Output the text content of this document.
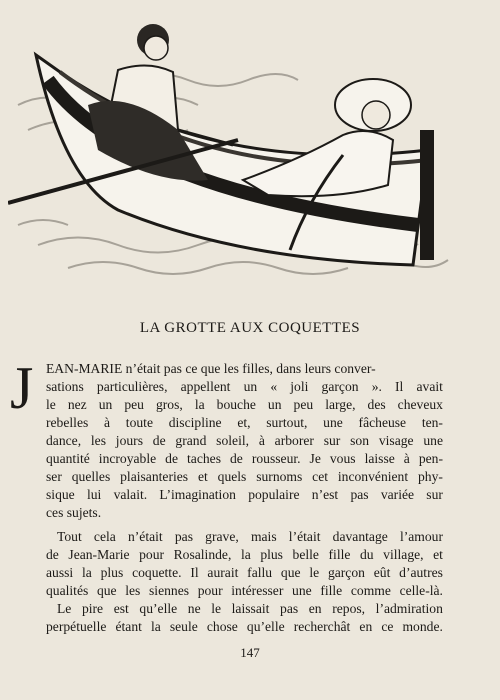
LA GROTTE AUX COQUETTES
J EAN-MARIE n’était pas ce que les filles, dans leurs conver-
sations particulières, appellent un « joli garçon ». Il avait
le nez un peu gros, la bouche un peu large, des cheveux
rebelles à toute discipline et, surtout, une fâcheuse ten-
dance, les jours de grand soleil, à arborer sur son visage une
quantité incroyable de taches de rousseur. Je vous laisse à pen-
ser quelles plaisanteries et quels surnoms cet inconvénient phy-
sique lui valait. L’imagination populaire n’est pas variée sur
ces sujets.
Tout cela n’était pas grave, mais l’était davantage l’amour
de Jean-Marie pour Rosalinde, la plus belle fille du village, et
aussi la plus coquette. Il aurait fallu que le garçon eût d’autres
qualités que les siennes pour intéresser une fille comme celle-là.
Le pire est qu’elle ne le laissait pas en repos, l’admiration
perpétuelle étant la seule chose qu’elle recherchât en ce monde.
147
